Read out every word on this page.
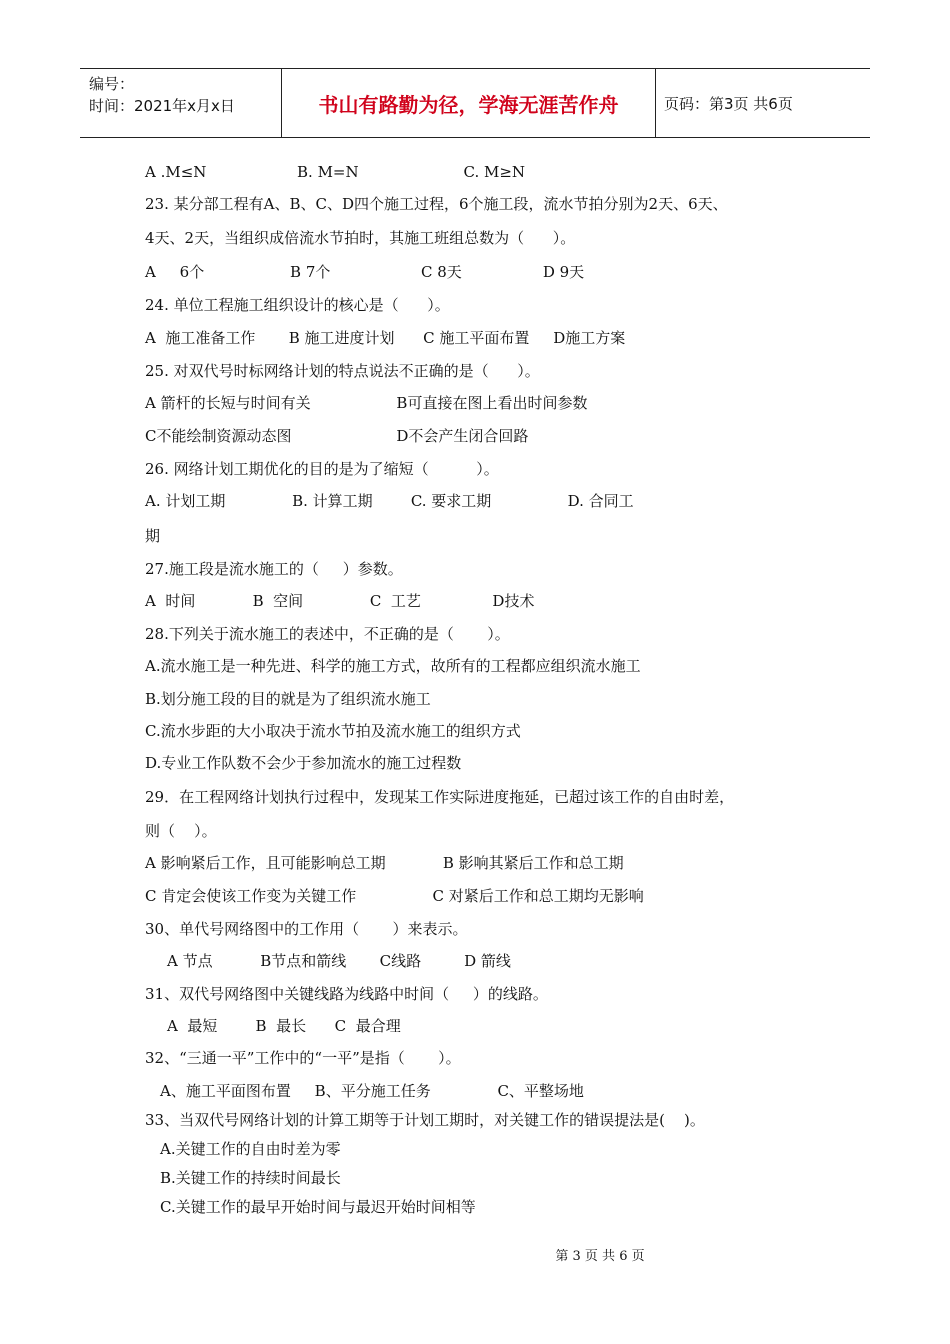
编号：
时间：2021年x月x日	书山有路勤为径，学海无涯苦作舟	页码：第3页 共6页
A .M≤N                   B. M=N                      C. M≥N
23. 某分部工程有A、B、C、D四个施工过程，6个施工段，流水节拍分别为2天、6天、
4天、2天，当组织成倍流水节拍时，其施工班组总数为（      ）。
A     6个                  B 7个                   C 8天                 D 9天
24. 单位工程施工组织设计的核心是（      ）。
A  施工准备工作       B 施工进度计划      C 施工平面布置     D施工方案
25. 对双代号时标网络计划的特点说法不正确的是（      ）。
A 箭杆的长短与时间有关                  B可直接在图上看出时间参数
C不能绘制资源动态图                      D不会产生闭合回路
26. 网络计划工期优化的目的是为了缩短（          ）。
A. 计划工期              B. 计算工期        C. 要求工期                D. 合同工
期
27.施工段是流水施工的（     ）参数。
A  时间            B  空间              C  工艺               D技术
28.下列关于流水施工的表述中，不正确的是（       ）。
A.流水施工是一种先进、科学的施工方式，故所有的工程都应组织流水施工
B.划分施工段的目的就是为了组织流水施工
C.流水步距的大小取决于流水节拍及流水施工的组织方式
D.专业工作队数不会少于参加流水的施工过程数
29．在工程网络计划执行过程中，发现某工作实际进度拖延，已超过该工作的自由时差，
则（    ）。
A 影响紧后工作，且可能影响总工期            B 影响其紧后工作和总工期
C 肯定会使该工作变为关键工作                C 对紧后工作和总工期均无影响
30、单代号网络图中的工作用（       ）来表示。
A 节点          B节点和箭线       C线路         D 箭线
31、双代号网络图中关键线路为线路中时间（     ）的线路。
A  最短        B  最长      C  最合理
32、“三通一平”工作中的“一平”是指（       ）。
A、施工平面图布置     B、平分施工任务              C、平整场地
33、当双代号网络计划的计算工期等于计划工期时，对关键工作的错误提法是(    )。
A.关键工作的自由时差为零
B.关键工作的持续时间最长
C.关键工作的最早开始时间与最迟开始时间相等
第 3 页 共 6 页
